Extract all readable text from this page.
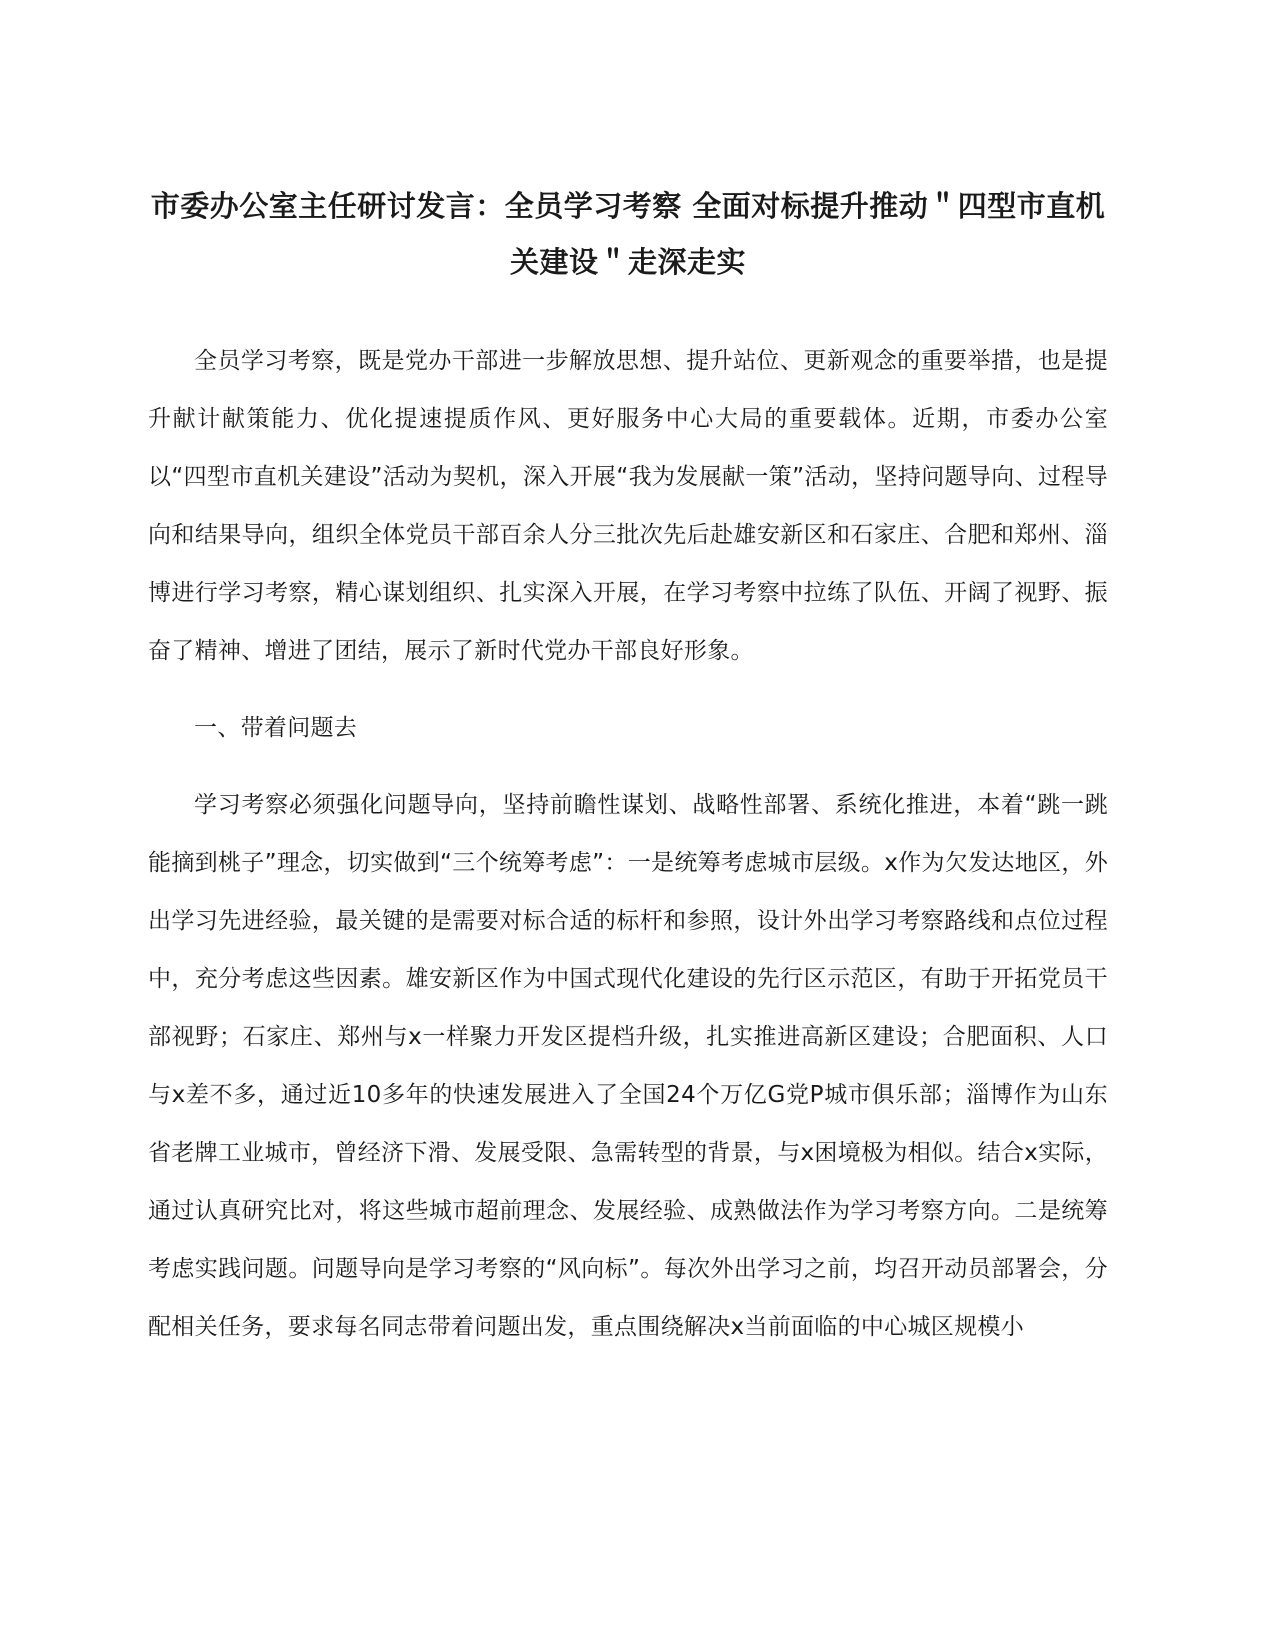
市委办公室主任研讨发言：全员学习考察 全面对标提升推动＂四型市直机关建设＂走深走实

全员学习考察，既是党办干部进一步解放思想、提升站位、更新观念的重要举措，也是提升献计献策能力、优化提速提质作风、更好服务中心大局的重要载体。近期，市委办公室以“四型市直机关建设”活动为契机，深入开展“我为发展献一策”活动，坚持问题导向、过程导向和结果导向，组织全体党员干部百余人分三批次先后赴雄安新区和石家庄、合肥和郑州、淄博进行学习考察，精心谋划组织、扎实深入开展，在学习考察中拉练了队伍、开阔了视野、振奋了精神、增进了团结，展示了新时代党办干部良好形象。

一、带着问题去

学习考察必须强化问题导向，坚持前瞻性谋划、战略性部署、系统化推进，本着“跳一跳能摘到桃子”理念，切实做到“三个统筹考虑”：一是统筹考虑城市层级。x作为欠发达地区，外出学习先进经验，最关键的是需要对标合适的标杆和参照，设计外出学习考察路线和点位过程中，充分考虑这些因素。雄安新区作为中国式现代化建设的先行区示范区，有助于开拓党员干部视野；石家庄、郑州与x一样聚力开发区提档升级，扎实推进高新区建设；合肥面积、人口与x差不多，通过近10多年的快速发展进入了全国24个万亿G党P城市俱乐部；淄博作为山东省老牌工业城市，曾经济下滑、发展受限、急需转型的背景，与x困境极为相似。结合x实际，通过认真研究比对，将这些城市超前理念、发展经验、成熟做法作为学习考察方向。二是统筹考虑实践问题。问题导向是学习考察的“风向标”。每次外出学习之前，均召开动员部署会，分配相关任务，要求每名同志带着问题出发，重点围绕解决x当前面临的中心城区规模小
